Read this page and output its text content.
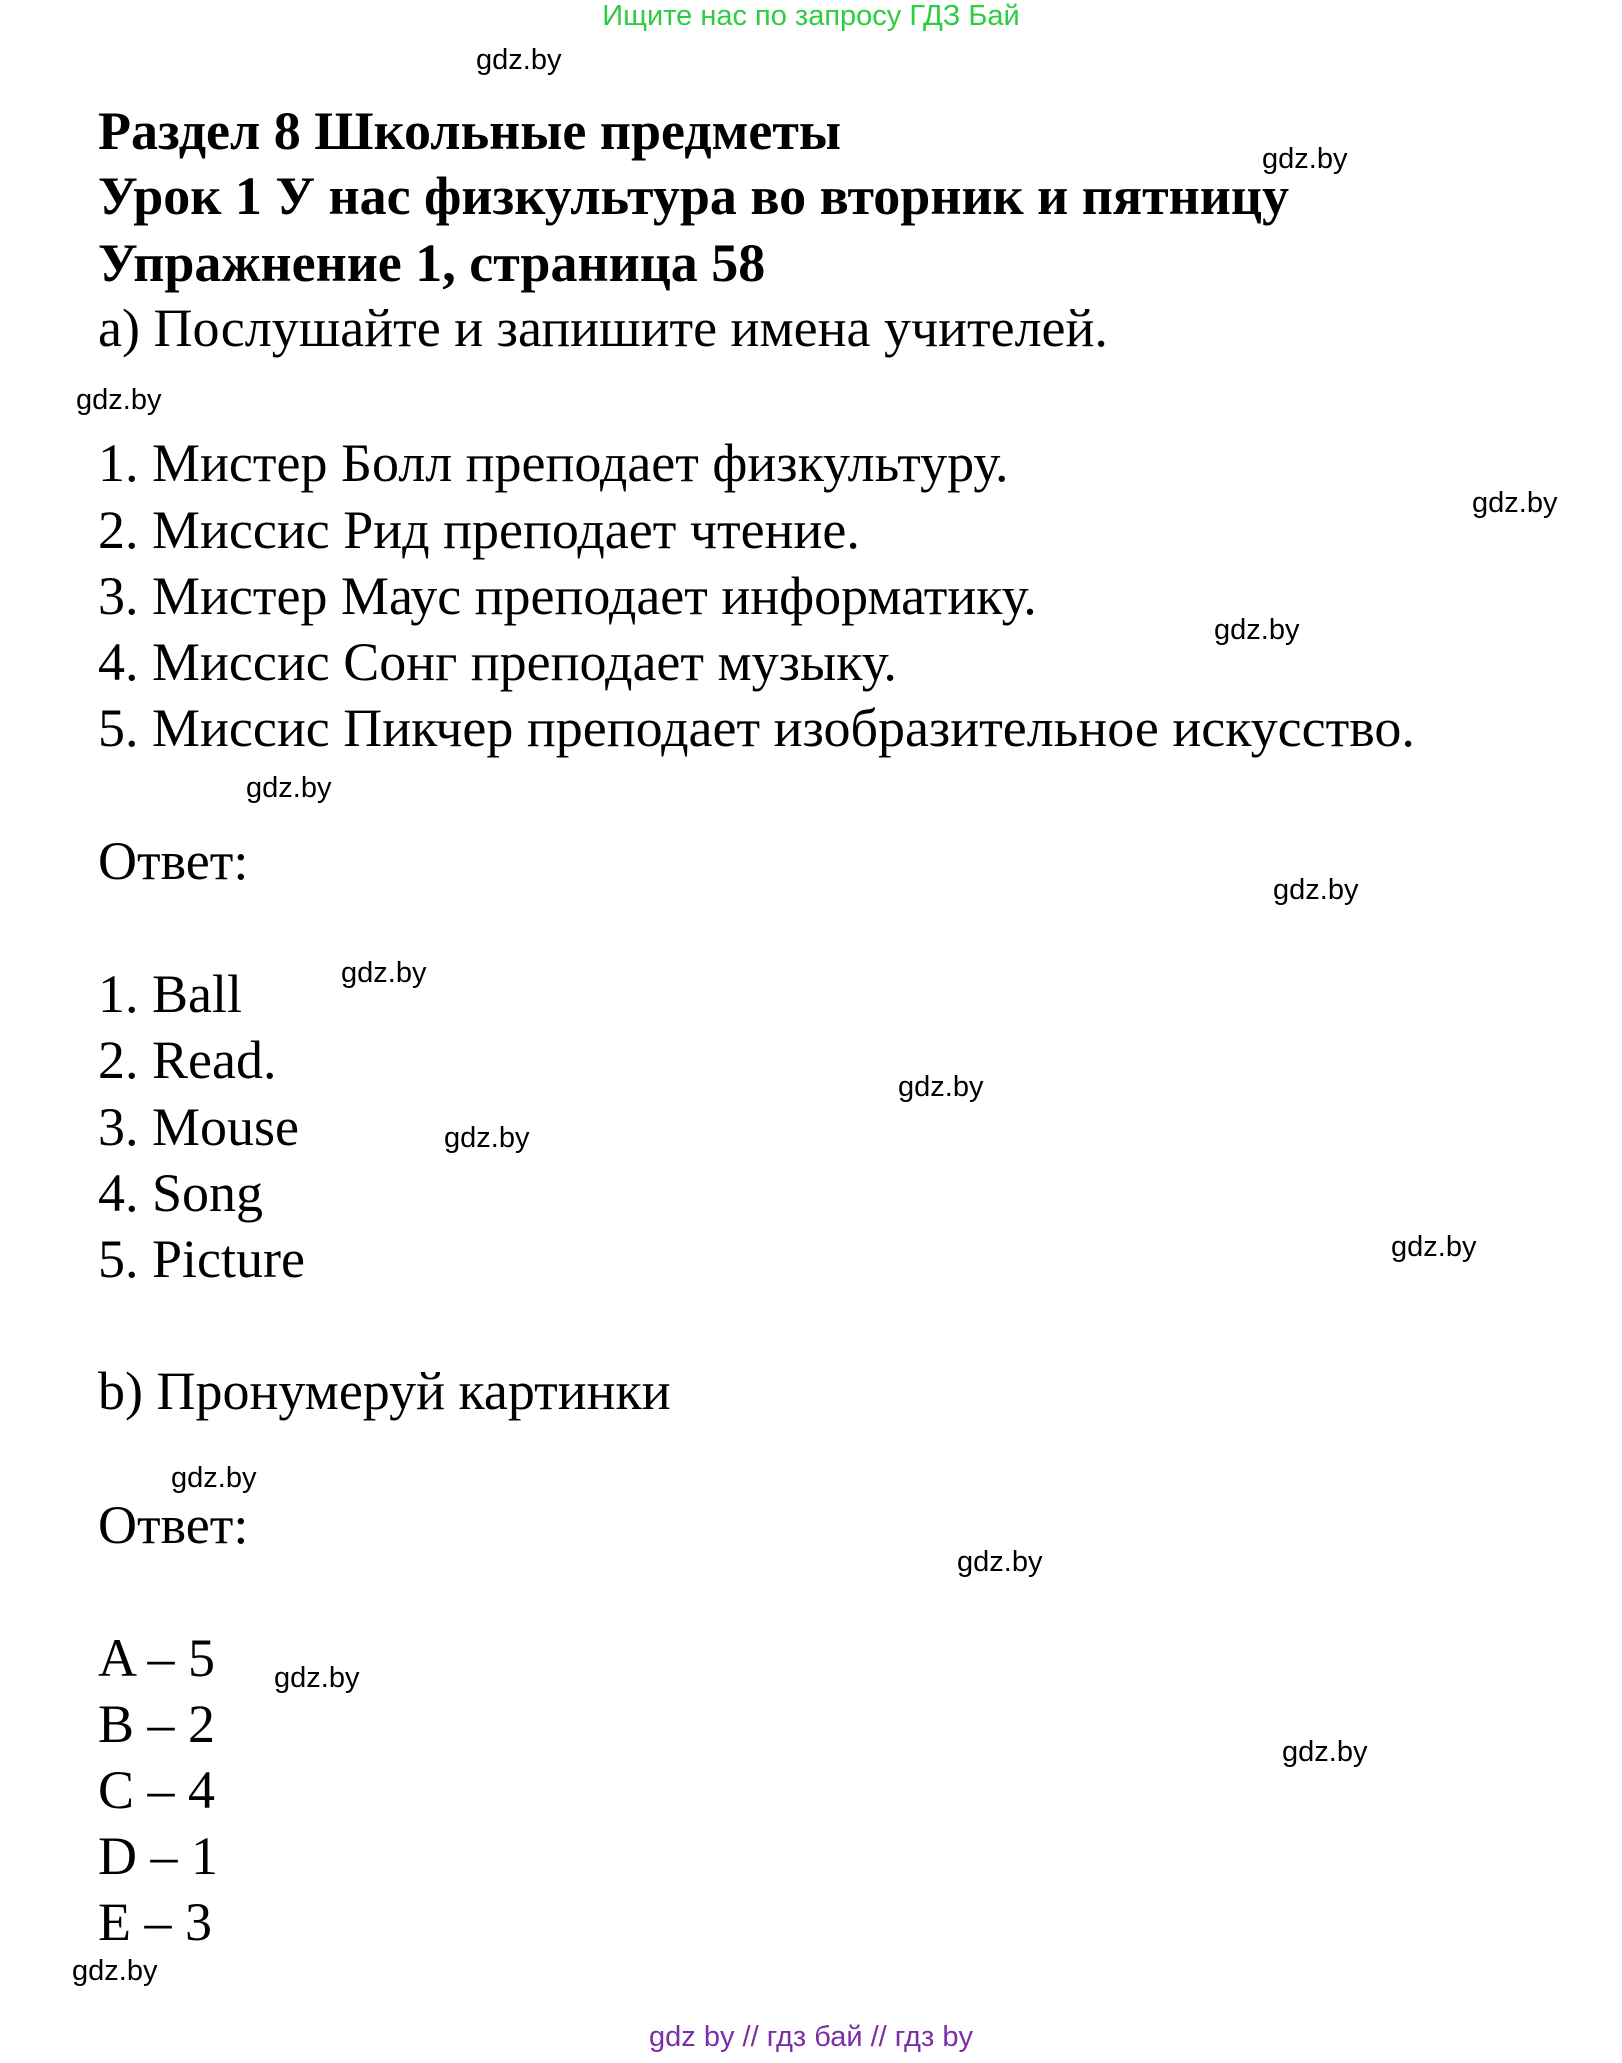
Ищите нас по запросу ГДЗ Бай
Раздел 8 Школьные предметы
Урок 1 У нас физкультура во вторник и пятницу
Упражнение 1, страница 58
a) Послушайте и запишите имена учителей.
1. Мистер Болл преподает физкультуру.
2. Миссис Рид преподает чтение.
3. Мистер Маус преподает информатику.
4. Миссис Сонг преподает музыку.
5. Миссис Пикчер преподает изобразительное искусство.
Ответ:
1. Ball
2. Read.
3. Mouse
4. Song
5. Picture
b) Пронумеруй картинки
Ответ:
A – 5
B – 2
C – 4
D – 1
E – 3
gdz.by
gdz.by
gdz.by
gdz.by
gdz.by
gdz.by
gdz.by
gdz.by
gdz.by
gdz.by
gdz.by
gdz.by
gdz.by
gdz.by
gdz.by
gdz.by
gdz by // гдз бай // гдз by
